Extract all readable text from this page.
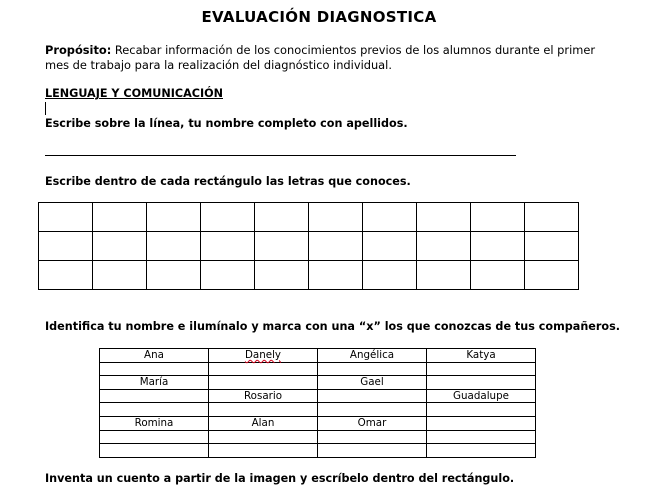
EVALUACIÓN DIAGNOSTICA
Propósito: Recabar información de los conocimientos previos de los alumnos durante el primer mes de trabajo para la realización del diagnóstico individual.
LENGUAJE Y COMUNICACIÓN
Escribe sobre la línea, tu nombre completo con apellidos.
Escribe dentro de cada rectángulo las letras que conoces.

Identifica tu nombre e ilumínalo y marca con una “x” los que conozcas de tus compañeros.
Ana	Danely	Angélica	Katya

María		Gael	
	Rosario		Guadalupe

Romina	Alan	Omar	

Inventa un cuento a partir de la imagen y escríbelo dentro del rectángulo.
